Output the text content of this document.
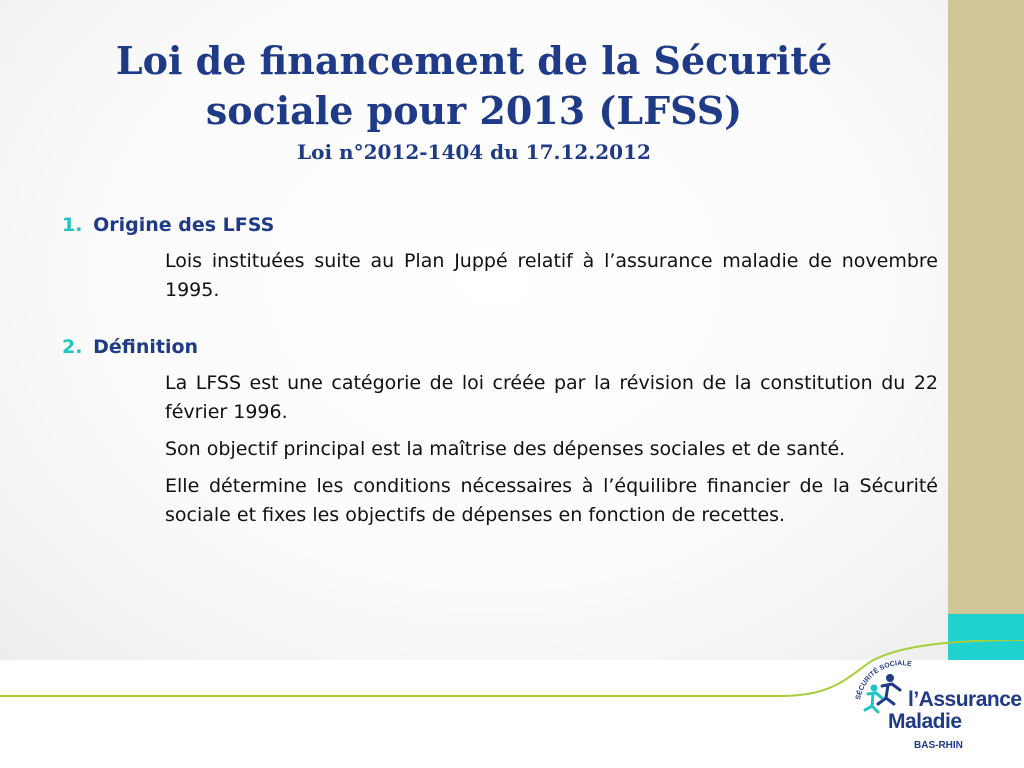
Loi de financement de la Sécurité sociale pour 2013 (LFSS)
Loi n°2012-1404 du 17.12.2012
1. Origine des LFSS
Lois instituées suite au Plan Juppé relatif à l’assurance maladie de novembre 1995.
2. Définition
La LFSS est une catégorie de loi créée par la révision de la constitution du 22 février 1996.
Son objectif principal est la maîtrise des dépenses sociales et de santé.
Elle détermine les conditions nécessaires à l’équilibre financier de la Sécurité sociale et fixes les objectifs de dépenses en fonction de recettes.
SÉCURITÉ SOCIALE
l’Assurance
Maladie
BAS-RHIN
